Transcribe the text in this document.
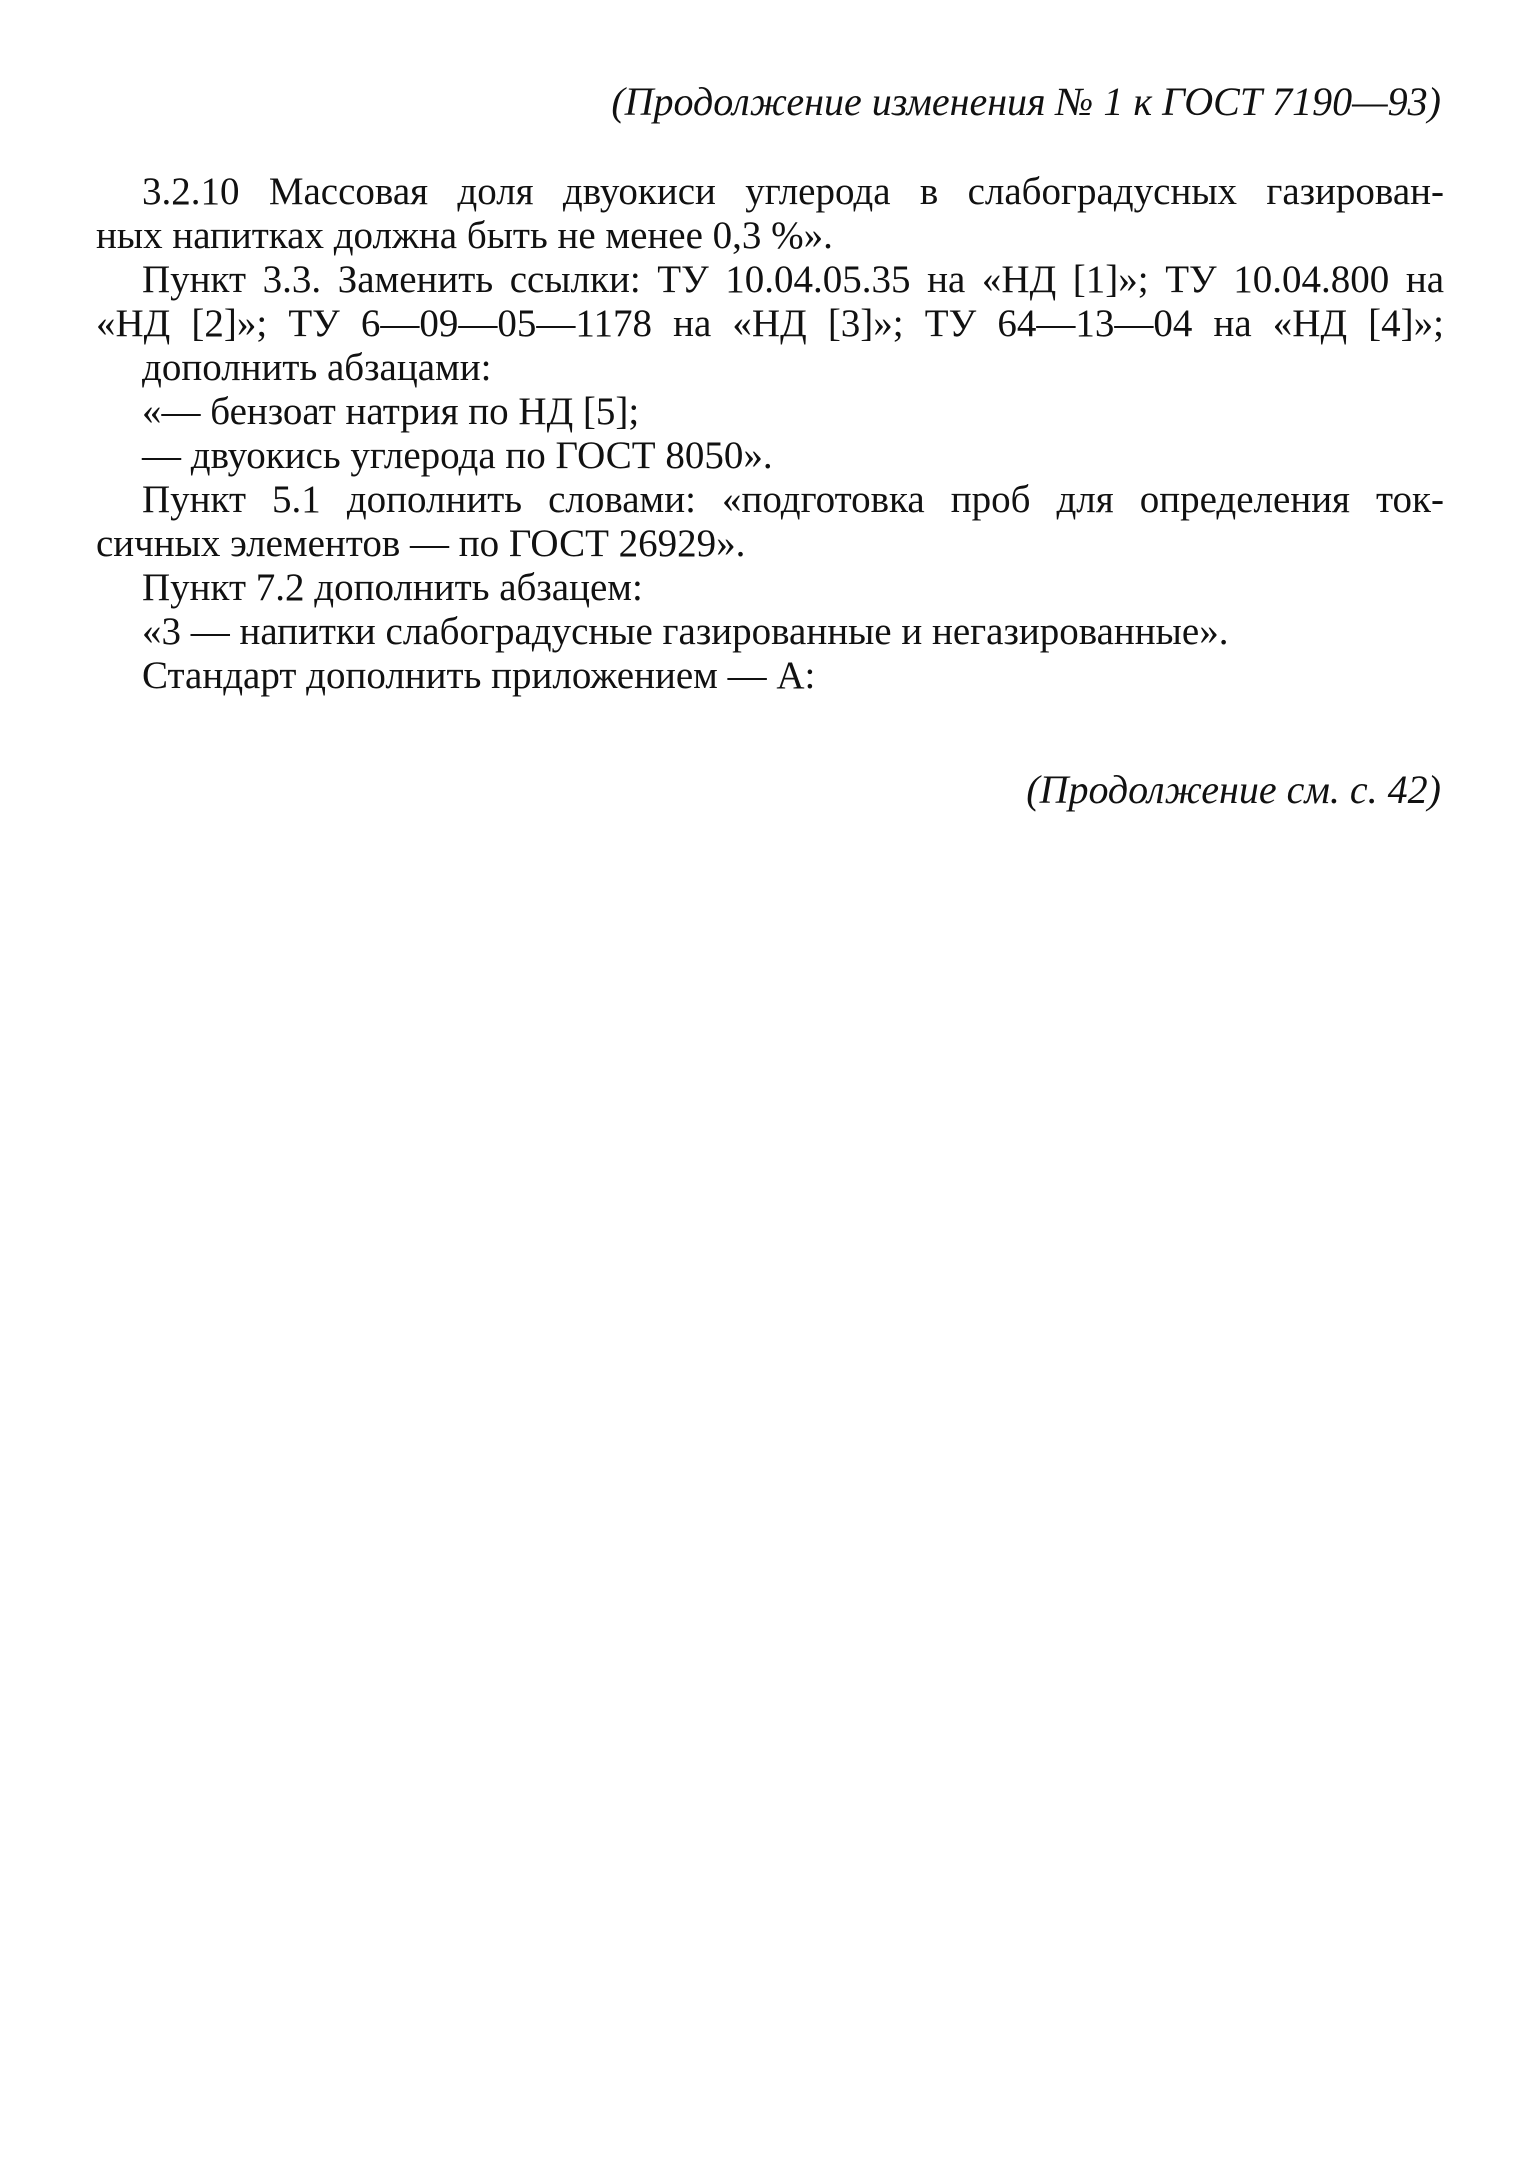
(Продолжение изменения № 1 к ГОСТ 7190—93)
3.2.10 Массовая доля двуокиси углерода в слабоградусных газирован-
ных напитках должна быть не менее 0,3 %».
Пункт 3.3. Заменить ссылки: ТУ 10.04.05.35 на «НД [1]»; ТУ 10.04.800 на
«НД [2]»; ТУ 6—09—05—1178 на «НД [3]»; ТУ 64—13—04 на «НД [4]»;
дополнить абзацами:
«— бензоат натрия по НД [5];
— двуокись углерода по ГОСТ 8050».
Пункт 5.1 дополнить словами: «подготовка проб для определения ток-
сичных элементов — по ГОСТ 26929».
Пункт 7.2 дополнить абзацем:
«3 — напитки слабоградусные газированные и негазированные».
Стандарт дополнить приложением — А:
(Продолжение см. с. 42)
